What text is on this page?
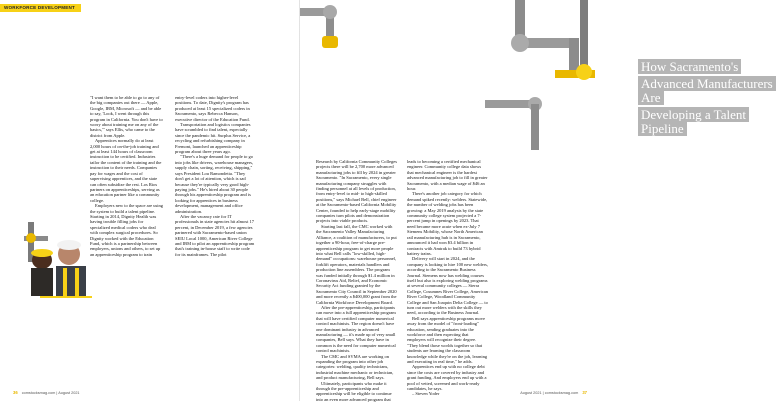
WORKFORCE DEVELOPMENT

"I want them to be able to go to any of the big companies out there — Apple, Google, IBM, Microsoft — and be able to say, 'Look, I went through this program in California. You don't have to worry about training me on any of the basics,'" says Ellis, who came to the district from Apple.

Apprentices normally do at least 2,000 hours of on-the-job training and get at least 144 hours of classroom instruction to be certified. Industries tailor the content of the training and the instruction to their needs. Companies pay for wages and the cost of supervising apprentices, and the state can often subsidize the rest. Los Rios partners on apprenticeships, serving as an education partner like a community college.

Employers new to the space are using the system to build a talent pipeline. Starting in 2014, Dignity Health was having trouble filling jobs for specialized medical coders who deal with complex surgical procedures. So Dignity worked with the Education Fund, which is a partnership between employers, unions and others, to set up an apprenticeship program to train

entry-level coders into higher-level positions. To date, Dignity's program has produced at least 15 specialized coders in Sacramento, says Rebecca Hanson, executive director of the Education Fund.

Transportation and logistics companies have scrambled to find talent, especially since the pandemic hit. Surplus Service, a recycling and refurbishing company in Fremont, launched an apprenticeship program about three years ago.

"There's a huge demand for people to go into jobs like drivers, warehouse managers, supply chain, sorting, receiving, shipping," says President Lou Ramondetta. "They don't get a lot of attention, which is sad because they're typically very good high-paying jobs." He's hired about 30 people through his apprenticeship program and is looking for apprentices in business development, management and office administration.

After the vacancy rate for IT professionals in state agencies hit almost 17 percent, in December 2019, a few agencies partnered with Sacramento-based union SEIU Local 1000, American River College and IBM to pilot an apprenticeship program that's training in-house staff to write code for its mainframes. The pilot

36 comstocksmag.com | August 2021
How Sacramento's
Advanced Manufacturers Are
Developing a Talent Pipeline

Research by California Community Colleges projects there will be 2,700 more advanced manufacturing jobs to fill by 2024 in greater Sacramento. "In Sacramento, every single manufacturing company struggles with finding personnel at all levels of production, from entry-level to mid- to high-skilled positions," says Michael Bell, chief engineer at the Sacramento-based California Mobility Center, founded to help early-stage mobility companies turn pilots and demonstration projects into viable products.

Starting last fall, the CMC worked with the Sacramento Valley Manufacturing Alliance, a coalition of manufacturers, to put together a 90-hour, free-of-charge pre-apprenticeship program to get more people into what Bell calls "low-skilled, high-demand" occupations: warehouse personnel, forklift operators, materials handlers and production line assemblers. The program was funded initially through $1.4 million in Coronavirus Aid, Relief, and Economic Security Act funding granted by the Sacramento City Council in September 2020 and more recently a $400,000 grant from the California Workforce Development Board.

After the pre-apprenticeship, participants can move into a full apprenticeship program that will have certified computer numerical control machinists. The region doesn't have one dominant industry in advanced manufacturing — it's made up of very small companies, Bell says. What they have in common is the need for computer numerical control machinists.

The CMC and SVMA are working on expanding the program into other job categories: welding, quality technicians, industrial machine mechanic or technician, and product manufacturing, Bell says.

Ultimately, participants who make it through the pre-apprenticeship and apprenticeship will be eligible to continue into an even more advanced program that

leads to becoming a certified mechanical engineer. Community college data shows that mechanical engineer is the hardest advanced manufacturing job to fill in greater Sacramento, with a median wage of $46 an hour.

There's another job category for which demand spiked recently: welders. Statewide, the number of welding jobs has been growing: a May 2019 analysis by the state community college system projected a 7-percent jump in openings by 2023. That need became more acute when ex-July 7 Siemens Mobility, whose North American rail manufacturing hub is in Sacramento, announced it had won $3.4 billion in contracts with Amtrak to build 73 hybrid battery trains.

Delivery will start in 2024, and the company is looking to hire 100 new welders, according to the Sacramento Business Journal. Siemens now has welding courses itself but also is exploring welding programs at several community colleges — Sierra College, Cosumnes River College, American River College, Woodland Community College and San Joaquin Delta College — to turn out more welders with the skills they need, according to the Business Journal.

Bell says apprenticeship programs move away from the model of "front-loading" education, sending graduates into the workforce and then expecting that employers will recognize their degree. "They blend those worlds together so that students are learning the classroom knowledge while they're on the job, learning and executing in real time," he adds.

Apprentices end up with no college debt since the costs are covered by industry and grant funding. And employers end up with a pool of vetted, screened and work-ready candidates, he says.

– Steven Yoder	August 2021 | comstocksmag.com 37
